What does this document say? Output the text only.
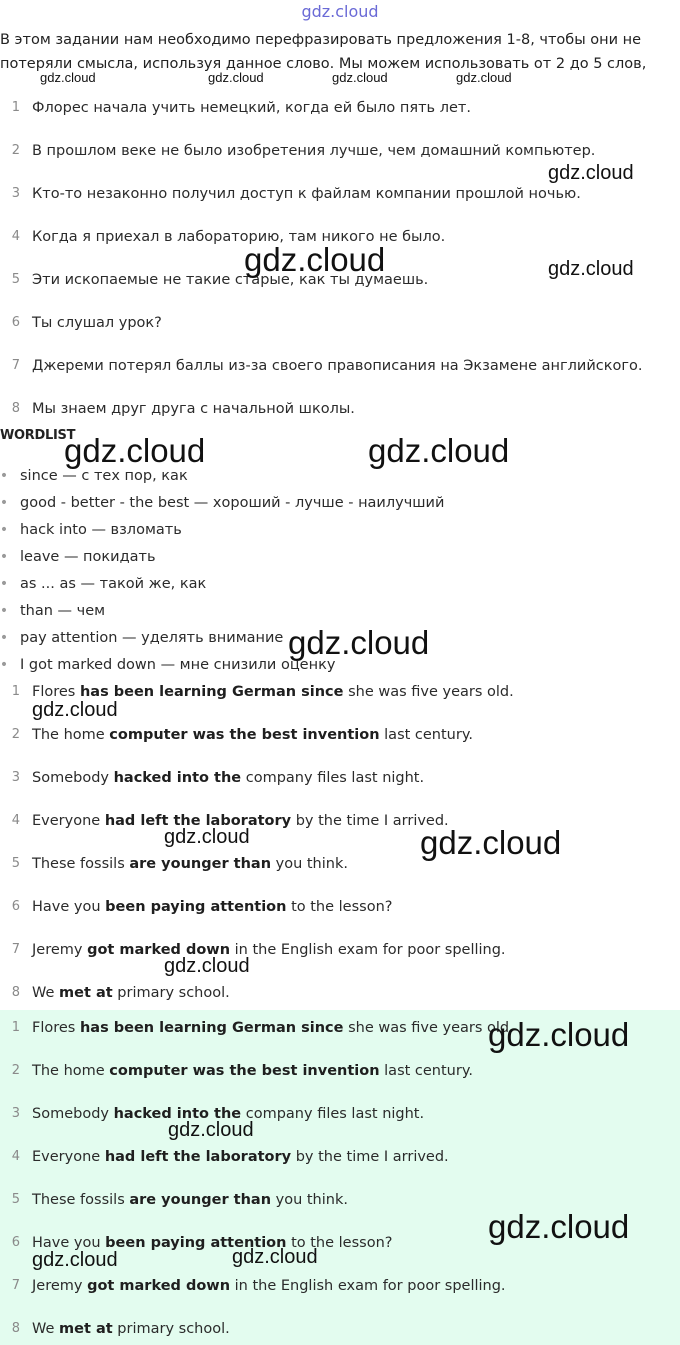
gdz.cloud

В этом задании нам необходимо перефразировать предложения 1-8, чтобы они не

потеряли смысла, используя данное слово. Мы можем использовать от 2 до 5 слов,

1 Флорес начала учить немецкий, когда ей было пять лет.
2 В прошлом веке не было изобретения лучше, чем домашний компьютер.
3 Кто-то незаконно получил доступ к файлам компании прошлой ночью.
4 Когда я приехал в лабораторию, там никого не было.
5 Эти ископаемые не такие старые, как ты думаешь.
6 Ты слушал урок?
7 Джереми потерял баллы из-за своего правописания на Экзамене английского.
8 Мы знаем друг друга с начальной школы.
WORDLIST
• since — с тех пор, как
• good - better - the best — хороший - лучше - наилучший
• hack into — взломать
• leave — покидать
• as ... as — такой же, как
• than — чем
• pay attention — уделять внимание
• I got marked down — мне снизили оценку
1 Flores has been learning German since she was five years old.
2 The home computer was the best invention last century.
3 Somebody hacked into the company files last night.
4 Everyone had left the laboratory by the time I arrived.
5 These fossils are younger than you think.
6 Have you been paying attention to the lesson?
7 Jeremy got marked down in the English exam for poor spelling.
8 We met at primary school.
1 Flores has been learning German since she was five years old.
2 The home computer was the best invention last century.
3 Somebody hacked into the company files last night.
4 Everyone had left the laboratory by the time I arrived.
5 These fossils are younger than you think.
6 Have you been paying attention to the lesson?
7 Jeremy got marked down in the English exam for poor spelling.
8 We met at primary school.
gdz.cloud	gdz.cloud	gdz.cloud	gdz.cloud
gdz.cloud
gdz.cloud	gdz.cloud
gdz.cloud	gdz.cloud
gdz.cloud
gdz.cloud
gdz.cloud	gdz.cloud
gdz.cloud
gdz.cloud
gdz.cloud
gdz.cloud
gdz.cloud	gdz.cloud
